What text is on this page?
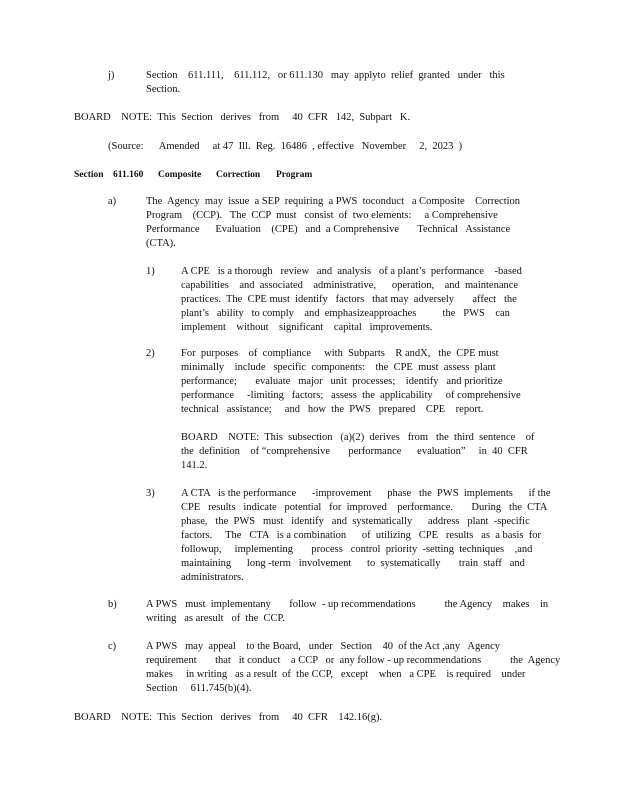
j)	Section    611.111,    611.112,   or 611.130   may  applyto  relief  granted   under   this
Section.
BOARD    NOTE:  This  Section   derives   from     40  CFR   142,  Subpart   K.
(Source:      Amended     at 47  Ill.  Reg.  16486  , effective   November     2,  2023  )
Section 611.160 Composite Correction Program
a)	The  Agency  may  issue  a SEP  requiring  a PWS  toconduct   a Composite    Correction
Program    (CCP).   The  CCP  must   consist  of  two elements:     a Comprehensive
Performance      Evaluation    (CPE)   and  a Comprehensive       Technical   Assistance
(CTA).
1)	A CPE   is a thorough   review   and  analysis   of a plant’s  performance    -based
capabilities    and  associated    administrative,      operation,    and  maintenance
practices.  The  CPE must  identify   factors   that may  adversely       affect   the
plant’s   ability   to comply    and  emphasizeapproaches          the   PWS    can
implement    without    significant    capital   improvements.
2)	For  purposes    of  compliance     with  Subparts    R andX,   the  CPE must
minimally    include   specific  components:    the  CPE  must  assess  plant
performance;       evaluate   major   unit  processes;    identify   and prioritize
performance     -limiting   factors;   assess  the  applicability     of comprehensive
technical   assistance;     and   how  the  PWS   prepared    CPE    report.
BOARD    NOTE:  This  subsection   (a)(2)  derives   from   the  third  sentence    of
the  definition    of “comprehensive       performance      evaluation”     in  40  CFR
141.2.
3)	A CTA   is the performance      -improvement      phase   the  PWS  implements      if the
CPE   results   indicate   potential   for  improved    performance.       During   the  CTA
phase,   the  PWS   must   identify   and  systematically      address   plant  -specific
factors.     The   CTA   is a combination      of  utilizing   CPE   results   as  a basis  for
followup,     implementing       process   control  priority  -setting  techniques    ,and
maintaining      long -term   involvement      to  systematically       train  staff   and
administrators.
b)	A PWS   must  implementany       follow  - up recommendations           the Agency    makes    in
writing   as aresult   of  the  CCP.
c)	A PWS   may  appeal    to the Board,   under   Section    40  of the Act ,any   Agency
requirement       that   it conduct    a CCP   or  any follow - up recommendations           the  Agency
makes     in writing   as a result  of  the CCP,   except    when   a CPE    is required    under
Section     611.745(b)(4).
BOARD    NOTE:  This  Section   derives   from     40  CFR    142.16(g).
